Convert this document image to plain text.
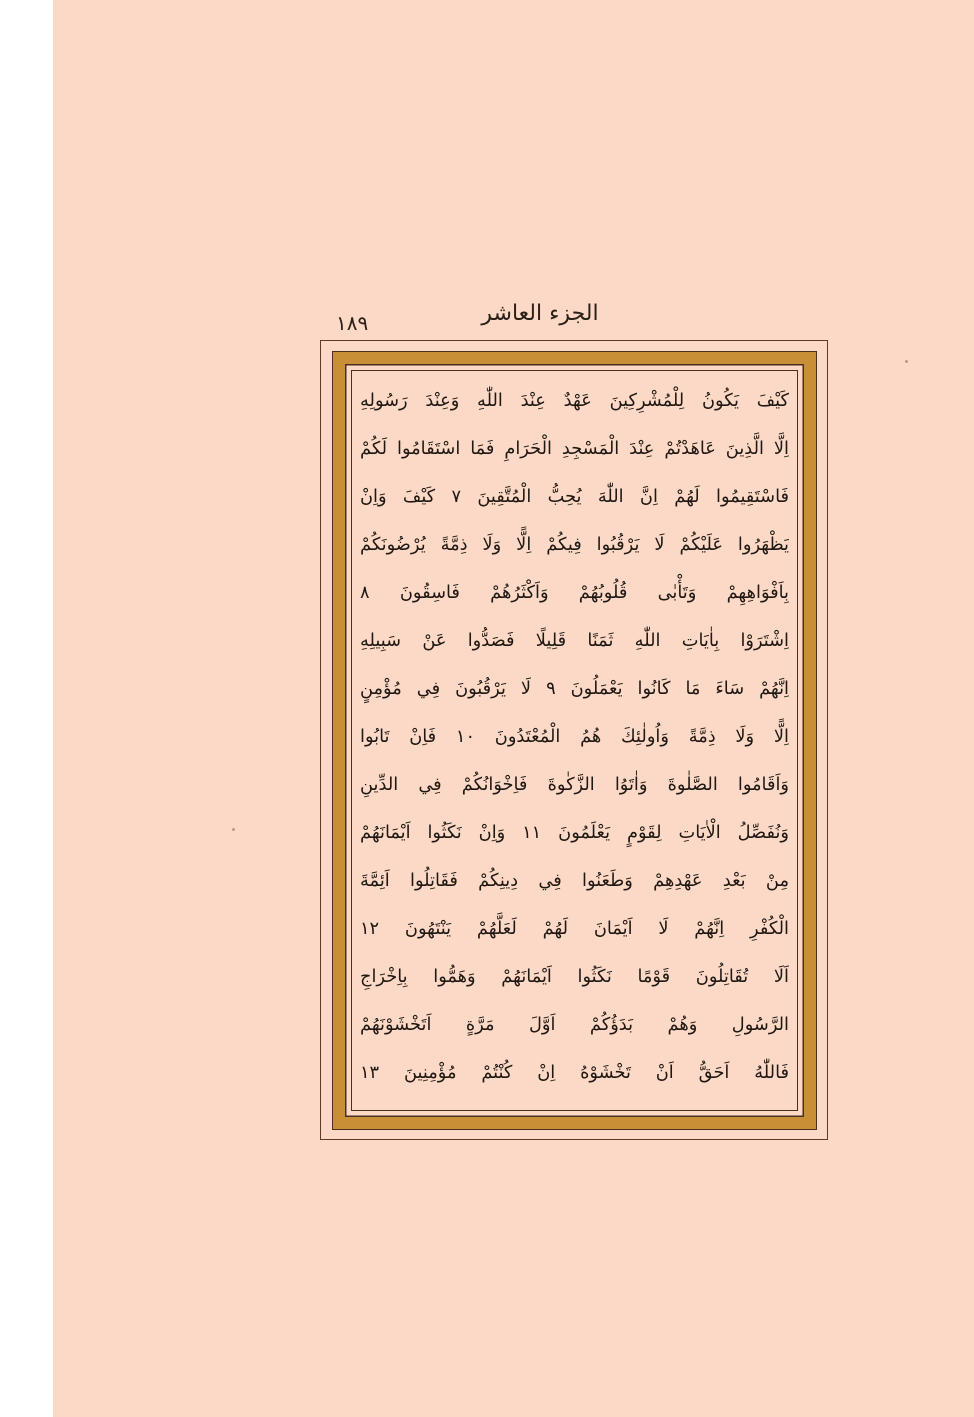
الجزء العاشر
١٨٩
كَيْفَ يَكُونُ لِلْمُشْرِكِينَ عَهْدٌ عِنْدَ اللّٰهِ وَعِنْدَ رَسُولِهِ
اِلَّا الَّذِينَ عَاهَدْتُمْ عِنْدَ الْمَسْجِدِ الْحَرَامِ فَمَا اسْتَقَامُوا لَكُمْ
فَاسْتَقِيمُوا لَهُمْ اِنَّ اللّٰهَ يُحِبُّ الْمُتَّقِينَ ٧ كَيْفَ وَاِنْ
يَظْهَرُوا عَلَيْكُمْ لَا يَرْقُبُوا فِيكُمْ اِلًّا وَلَا ذِمَّةً يُرْضُونَكُمْ
بِاَفْوَاهِهِمْ وَتَأْبٰى قُلُوبُهُمْ وَاَكْثَرُهُمْ فَاسِقُونَ ٨
اِشْتَرَوْا بِاٰيَاتِ اللّٰهِ ثَمَنًا قَلِيلًا فَصَدُّوا عَنْ سَبِيلِهِ
اِنَّهُمْ سَاءَ مَا كَانُوا يَعْمَلُونَ ٩ لَا يَرْقُبُونَ فِي مُؤْمِنٍ
اِلًّا وَلَا ذِمَّةً وَاُولٰئِكَ هُمُ الْمُعْتَدُونَ ١٠ فَاِنْ تَابُوا
وَاَقَامُوا الصَّلٰوةَ وَاٰتَوُا الزَّكٰوةَ فَاِخْوَانُكُمْ فِي الدِّينِ
وَنُفَصِّلُ الْاٰيَاتِ لِقَوْمٍ يَعْلَمُونَ ١١ وَاِنْ نَكَثُوا اَيْمَانَهُمْ
مِنْ بَعْدِ عَهْدِهِمْ وَطَعَنُوا فِي دِينِكُمْ فَقَاتِلُوا اَئِمَّةَ
الْكُفْرِ اِنَّهُمْ لَا اَيْمَانَ لَهُمْ لَعَلَّهُمْ يَنْتَهُونَ ١٢
اَلَا تُقَاتِلُونَ قَوْمًا نَكَثُوا اَيْمَانَهُمْ وَهَمُّوا بِاِخْرَاجِ
الرَّسُولِ وَهُمْ بَدَؤُكُمْ اَوَّلَ مَرَّةٍ اَتَخْشَوْنَهُمْ
فَاللّٰهُ اَحَقُّ اَنْ تَخْشَوْهُ اِنْ كُنْتُمْ مُؤْمِنِينَ ١٣
